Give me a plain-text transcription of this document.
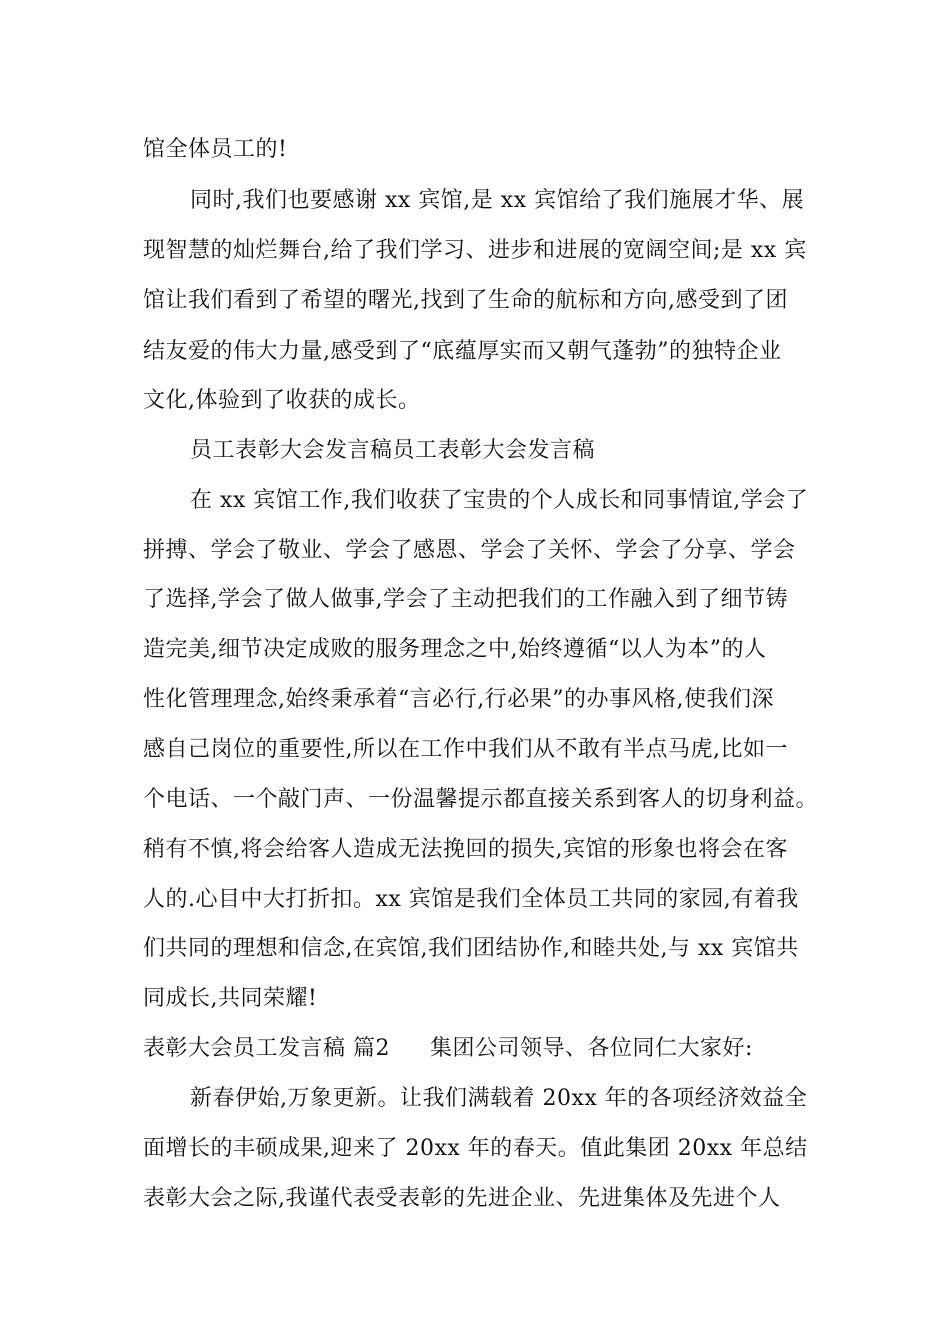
馆全体员工的!

同时,我们也要感谢 xx 宾馆,是 xx 宾馆给了我们施展才华、展

现智慧的灿烂舞台,给了我们学习、进步和进展的宽阔空间;是 xx 宾

馆让我们看到了希望的曙光,找到了生命的航标和方向,感受到了团

结友爱的伟大力量,感受到了“底蕴厚实而又朝气蓬勃”的独特企业

文化,体验到了收获的成长。

员工表彰大会发言稿员工表彰大会发言稿

在 xx 宾馆工作,我们收获了宝贵的个人成长和同事情谊,学会了

拼搏、学会了敬业、学会了感恩、学会了关怀、学会了分享、学会

了选择,学会了做人做事,学会了主动把我们的工作融入到了细节铸

造完美,细节决定成败的服务理念之中,始终遵循“以人为本”的人

性化管理理念,始终秉承着“言必行,行必果”的办事风格,使我们深

感自己岗位的重要性,所以在工作中我们从不敢有半点马虎,比如一

个电话、一个敲门声、一份温馨提示都直接关系到客人的切身利益。

稍有不慎,将会给客人造成无法挽回的损失,宾馆的形象也将会在客

人的.心目中大打折扣。xx 宾馆是我们全体员工共同的家园,有着我

们共同的理想和信念,在宾馆,我们团结协作,和睦共处,与 xx 宾馆共

同成长,共同荣耀!

表彰大会员工发言稿 篇2 集团公司领导、各位同仁大家好:

新春伊始,万象更新。让我们满载着 20xx 年的各项经济效益全

面增长的丰硕成果,迎来了 20xx 年的春天。值此集团 20xx 年总结

表彰大会之际,我谨代表受表彰的先进企业、先进集体及先进个人
